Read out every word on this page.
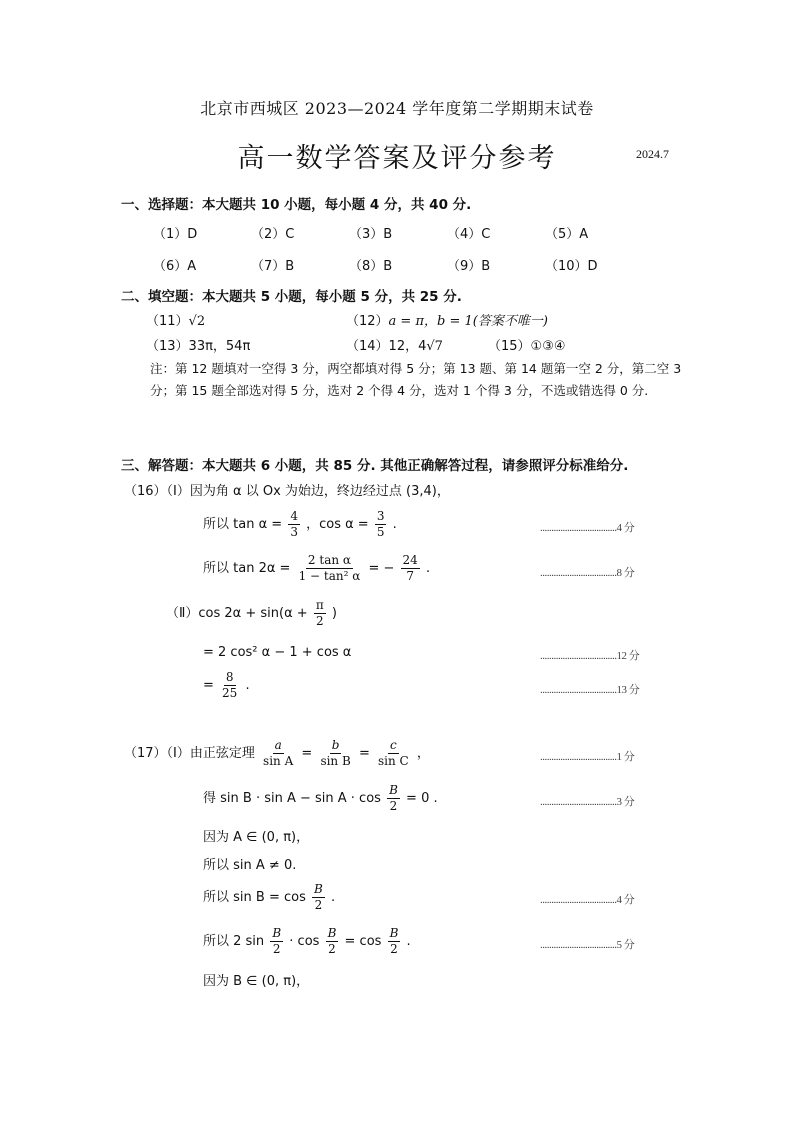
北京市西城区 2023—2024 学年度第二学期期末试卷
高一数学答案及评分参考	2024.7
一、选择题：本大题共 10 小题，每小题 4 分，共 40 分.
（1）D	（2）C	（3）B	（4）C	（5）A
（6）A	（7）B	（8）B	（9）B	（10）D
二、填空题：本大题共 5 小题，每小题 5 分，共 25 分.
（11）√2	（12）a = π，b = 1(答案不唯一)
（13）33π，54π	（14）12，4√7	（15）①③④
注：第 12 题填对一空得 3 分，两空都填对得 5 分；第 13 题、第 14 题第一空 2 分，第二空 3 分；第 15 题全部选对得 5 分，选对 2 个得 4 分，选对 1 个得 3 分，不选或错选得 0 分.
三、解答题：本大题共 6 小题，共 85 分. 其他正确解答过程，请参照评分标准给分.
（16）（Ⅰ）因为角 α 以 Ox 为始边，终边经过点 (3,4)，
所以 $\tan \alpha = \frac{4}{3}$ ，$\cos \alpha = \frac{3}{5}$ .	..................................4 分
所以 $\tan 2\alpha = \frac{\text{2 tan α}}{\text{1 − tan² α}}$ = − $\frac{24}{7}$ .	..................................8 分
（Ⅱ）cos $2\alpha + \sin(\alpha + \frac{\pi}{2}$ )
= 2 cos² α − 1 + cos α	..................................12 分
= $\frac{8}{25}$ .	..................................13 分
（17）（Ⅰ）由正弦定理 $\frac{a}{\text{sin A}} = \frac{b}{\text{sin B}} = \frac{c}{\text{sin C}}$ ，	..................................1 分
得 $\sin B \cdot \sin A - \sin A \cdot \cos \frac{B}{2} = 0$ .	..................................3 分
因为 A ∈ (0, π)，
所以 sin A ≠ 0.
所以 $\sin B = \cos \frac{B}{2}$ .	..................................4 分
所以 2 $\sin \frac{B}{2} \cdot \cos \frac{B}{2} = \cos \frac{B}{2}$ .	..................................5 分
因为 B ∈ (0, π)，
